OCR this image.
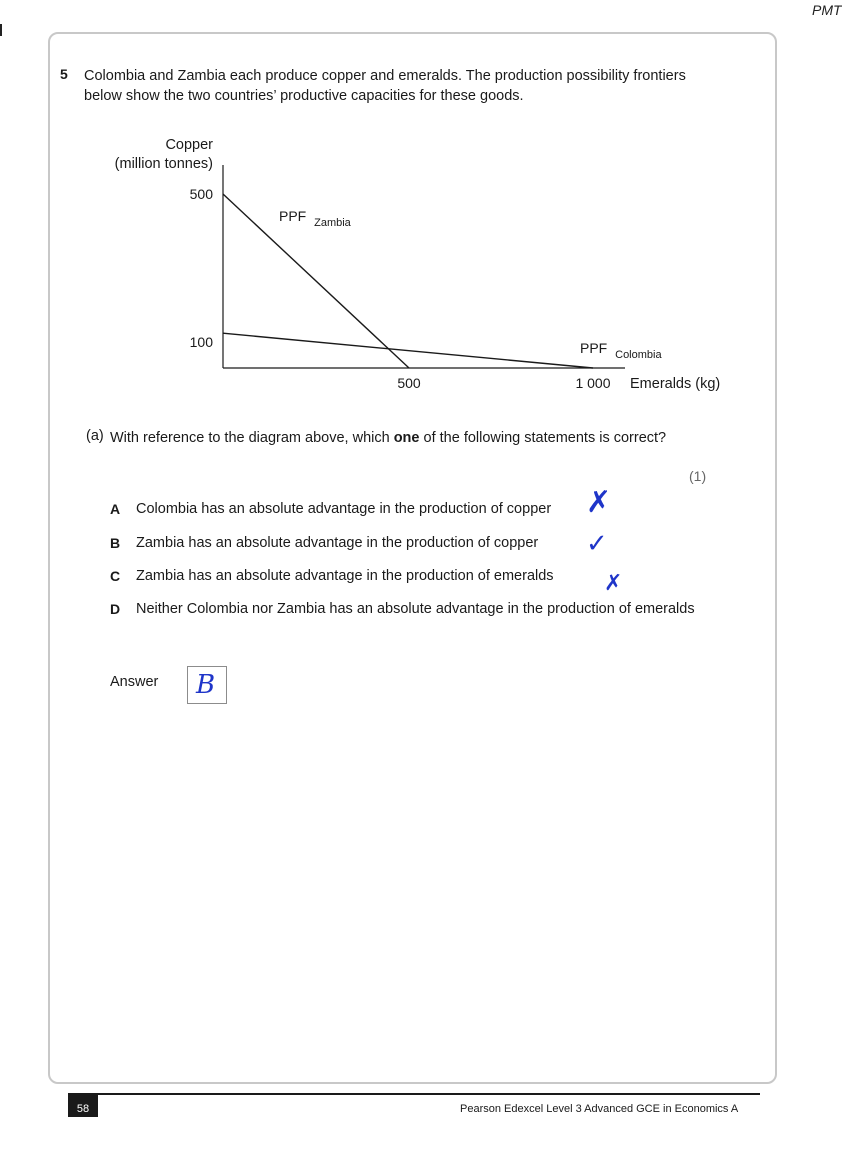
PMT
5 Colombia and Zambia each produce copper and emeralds. The production possibility frontiers below show the two countries’ productive capacities for these goods.
Copper
(million tonnes)
500
100
500	1 000 Emeralds (kg)
PPF $_{Zambia}$
PPF $_{Colombia}$
(a) With reference to the diagram above, which one of the following statements is correct?
(1)
A Colombia has an absolute advantage in the production of copper	✗
B Zambia has an absolute advantage in the production of copper	✓
C Zambia has an absolute advantage in the production of emeralds	✗
D Neither Colombia nor Zambia has an absolute advantage in the production of emeralds
Answer B
58	Pearson Edexcel Level 3 Advanced GCE in Economics A
